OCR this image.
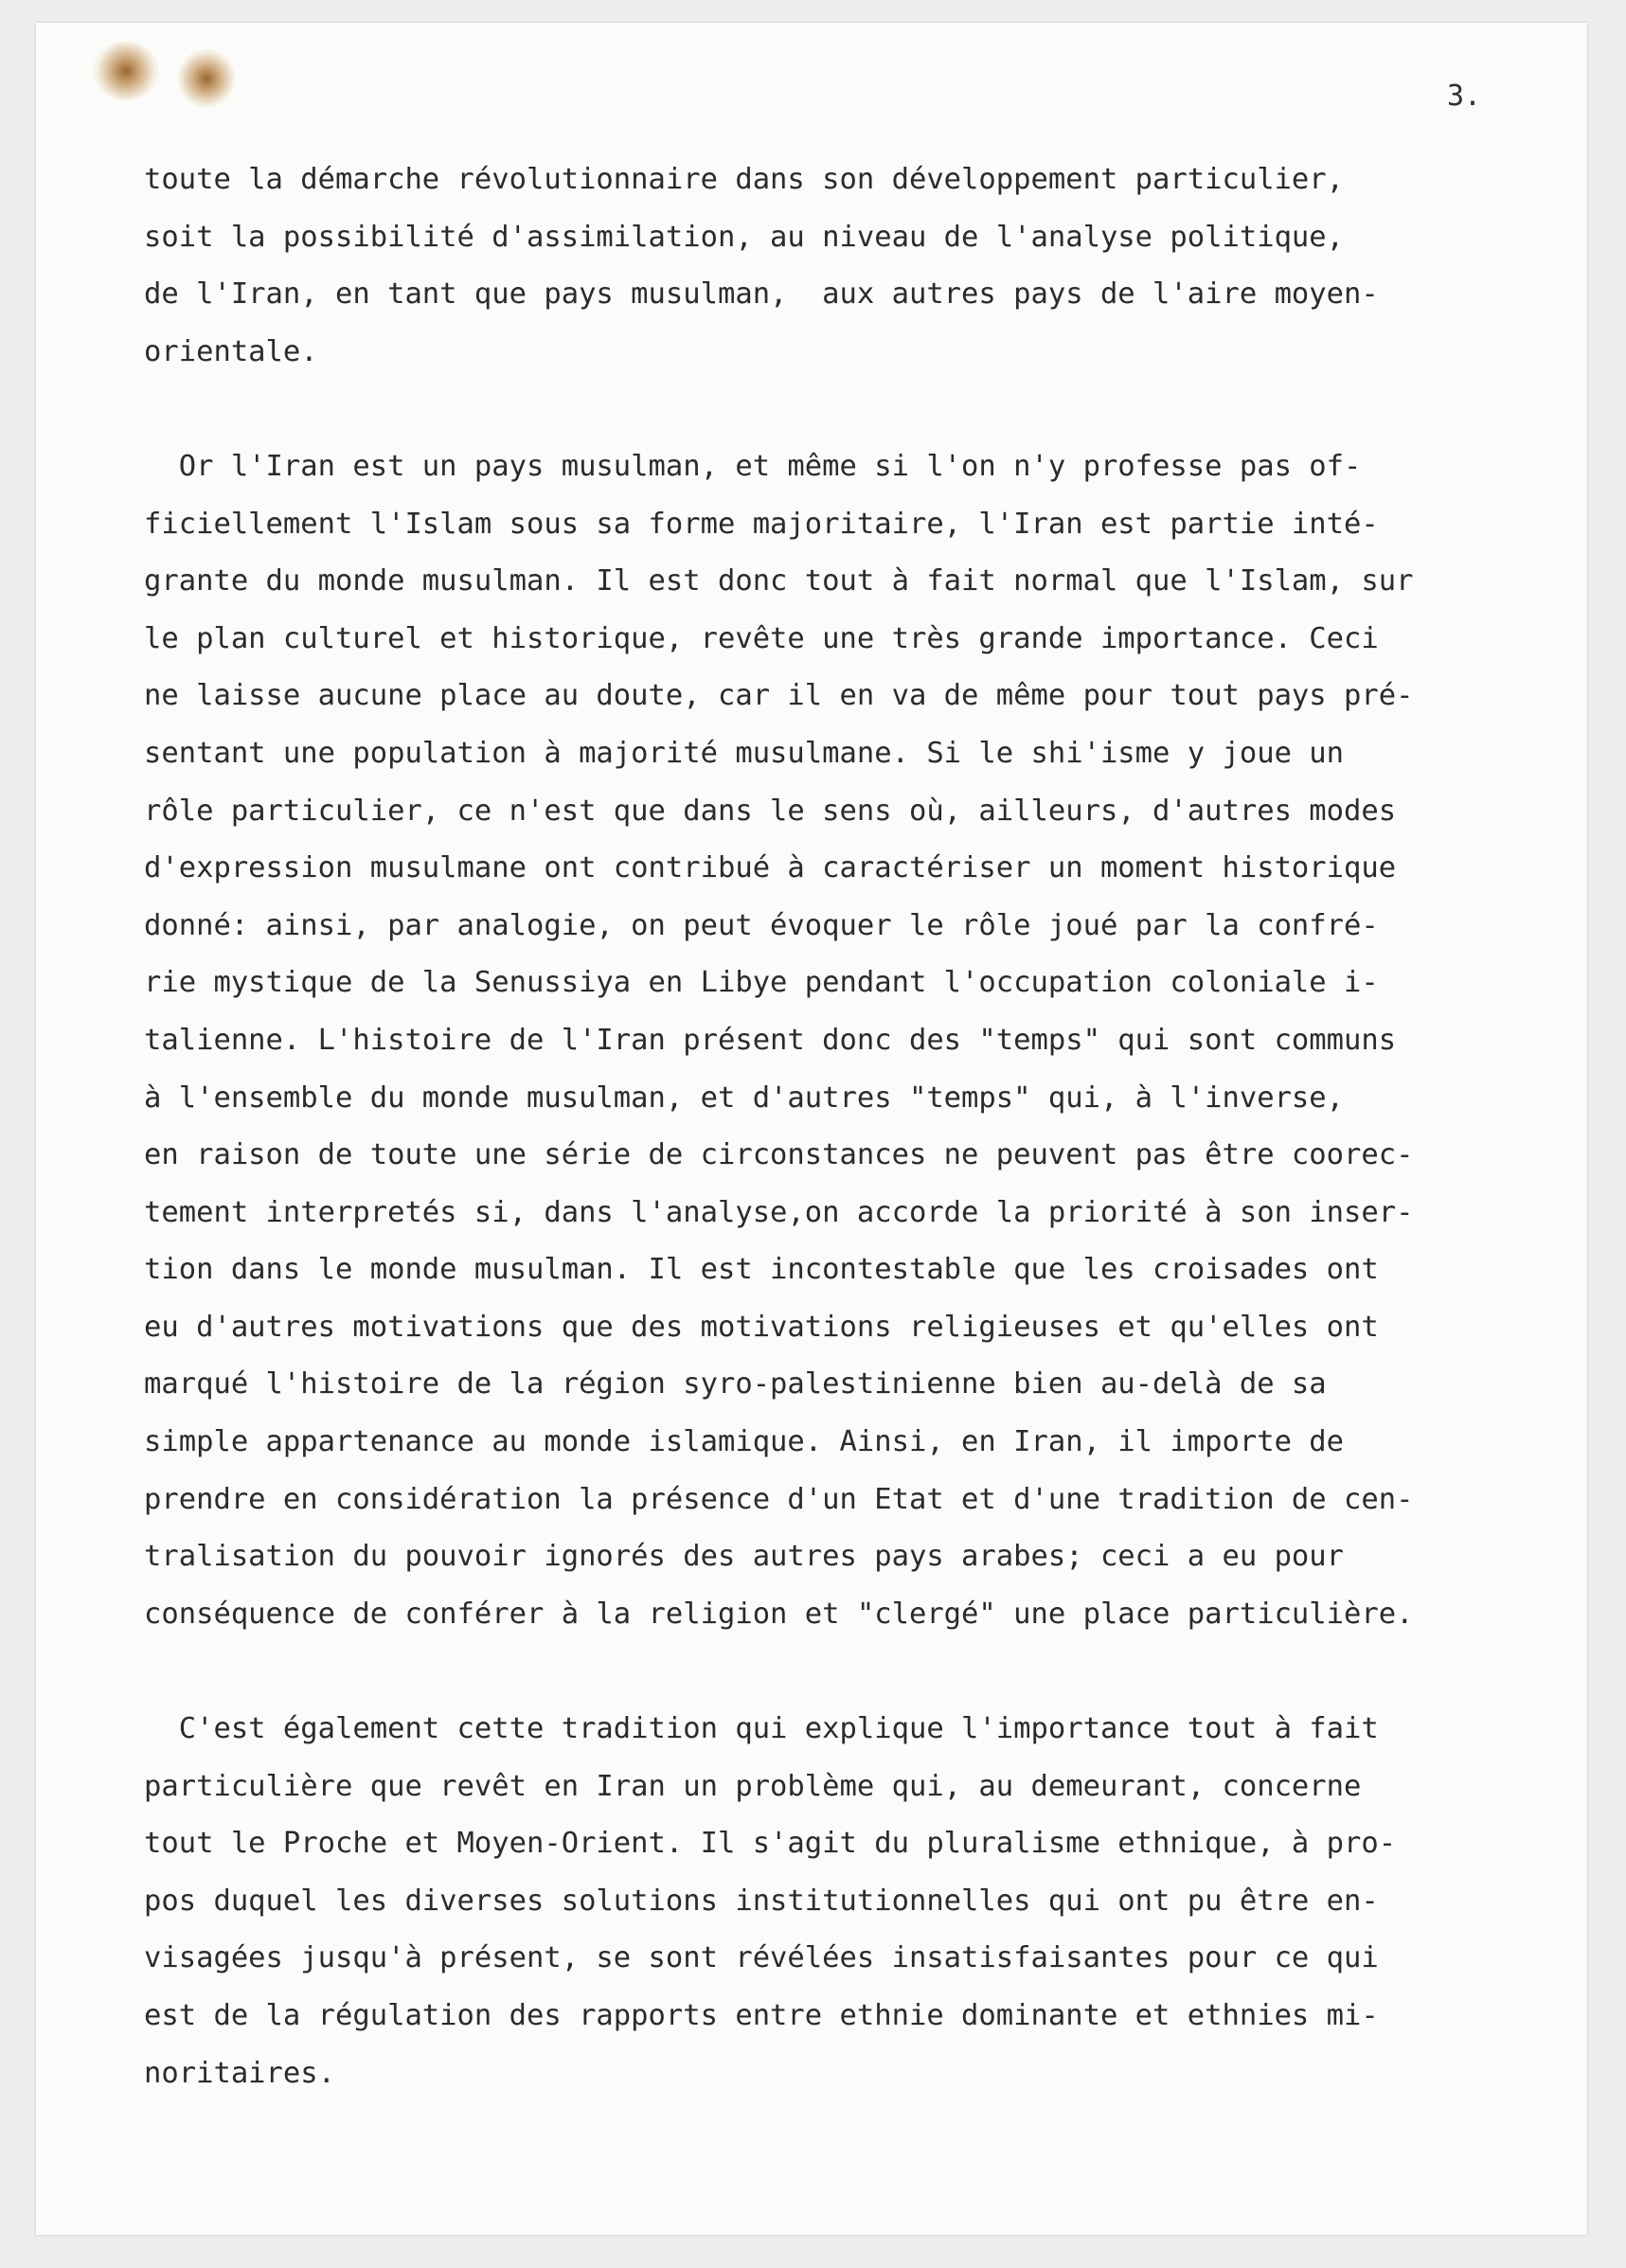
3.
toute la démarche révolutionnaire dans son développement particulier,
soit la possibilité d'assimilation, au niveau de l'analyse politique,
de l'Iran, en tant que pays musulman,  aux autres pays de l'aire moyen-
orientale.
Or l'Iran est un pays musulman, et même si l'on n'y professe pas of-
ficiellement l'Islam sous sa forme majoritaire, l'Iran est partie inté-
grante du monde musulman. Il est donc tout à fait normal que l'Islam, sur
le plan culturel et historique, revête une très grande importance. Ceci
ne laisse aucune place au doute, car il en va de même pour tout pays pré-
sentant une population à majorité musulmane. Si le shi'isme y joue un
rôle particulier, ce n'est que dans le sens où, ailleurs, d'autres modes
d'expression musulmane ont contribué à caractériser un moment historique
donné: ainsi, par analogie, on peut évoquer le rôle joué par la confré-
rie mystique de la Senussiya en Libye pendant l'occupation coloniale i-
talienne. L'histoire de l'Iran présent donc des "temps" qui sont communs
à l'ensemble du monde musulman, et d'autres "temps" qui, à l'inverse,
en raison de toute une série de circonstances ne peuvent pas être coorec-
tement interpretés si, dans l'analyse,on accorde la priorité à son inser-
tion dans le monde musulman. Il est incontestable que les croisades ont
eu d'autres motivations que des motivations religieuses et qu'elles ont
marqué l'histoire de la région syro-palestinienne bien au-delà de sa
simple appartenance au monde islamique. Ainsi, en Iran, il importe de
prendre en considération la présence d'un Etat et d'une tradition de cen-
tralisation du pouvoir ignorés des autres pays arabes; ceci a eu pour
conséquence de conférer à la religion et "clergé" une place particulière.
C'est également cette tradition qui explique l'importance tout à fait
particulière que revêt en Iran un problème qui, au demeurant, concerne
tout le Proche et Moyen-Orient. Il s'agit du pluralisme ethnique, à pro-
pos duquel les diverses solutions institutionnelles qui ont pu être en-
visagées jusqu'à présent, se sont révélées insatisfaisantes pour ce qui
est de la régulation des rapports entre ethnie dominante et ethnies mi-
noritaires.
